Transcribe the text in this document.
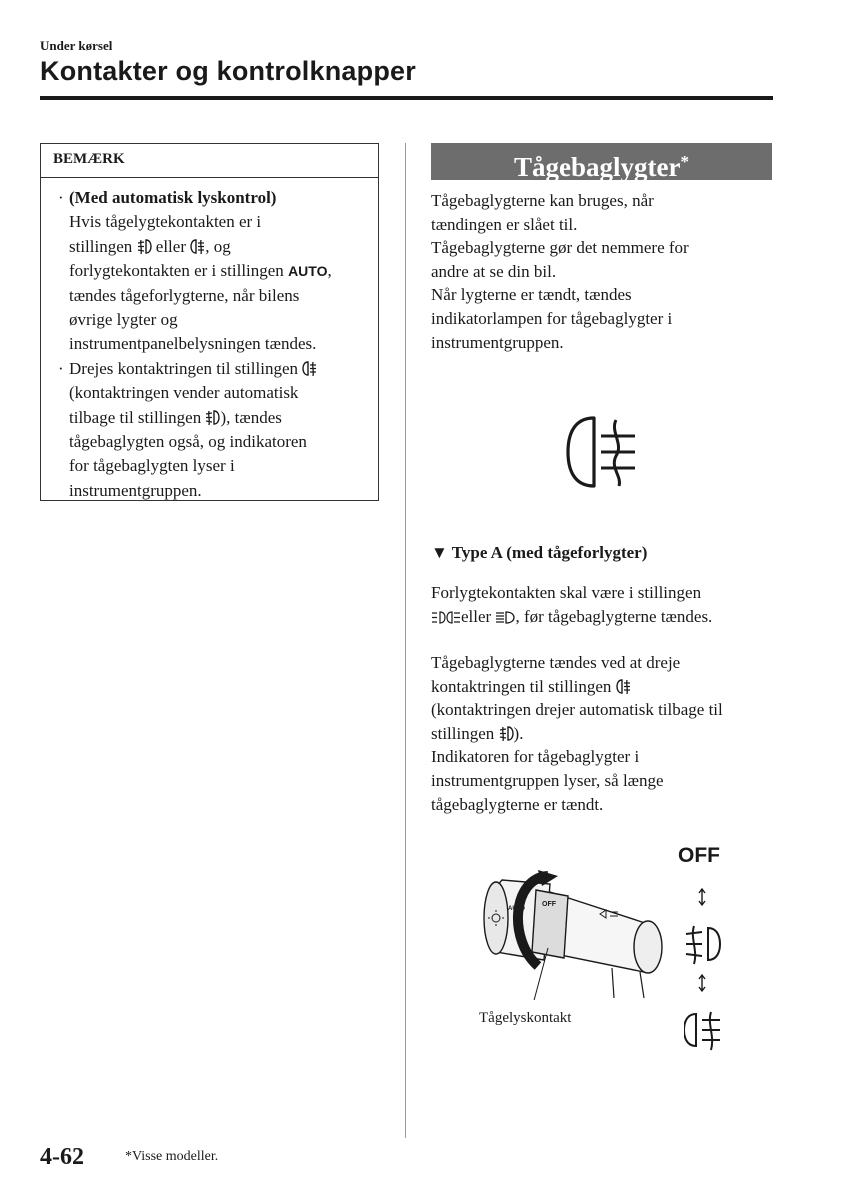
Under kørsel
Kontakter og kontrolknapper
BEMÆRK
· (Med automatisk lyskontrol)
Hvis tågelygtekontakten er i
stillingen eller , og
forlygtekontakten er i stillingen AUTO,
tændes tågeforlygterne, når bilens
øvrige lygter og
instrumentpanelbelysningen tændes.
· Drejes kontaktringen til stillingen
(kontaktringen vender automatisk
tilbage til stillingen ), tændes
tågebaglygten også, og indikatoren
for tågebaglygten lyser i
instrumentgruppen.
Tågebaglygter*
Tågebaglygterne kan bruges, når
tændingen er slået til.
Tågebaglygterne gør det nemmere for
andre at se din bil.
Når lygterne er tændt, tændes
indikatorlampen for tågebaglygter i
instrumentgruppen.
▼ Type A (med tågeforlygter)
Forlygtekontakten skal være i stillingen
eller , før tågebaglygterne tændes.
Tågebaglygterne tændes ved at dreje
kontaktringen til stillingen
(kontaktringen drejer automatisk tilbage til
stillingen ).
Indikatoren for tågebaglygter i
instrumentgruppen lyser, så længe
tågebaglygterne er tændt.
OFF
AUTO
OFF
Tågelyskontakt
4-62	*Visse modeller.
